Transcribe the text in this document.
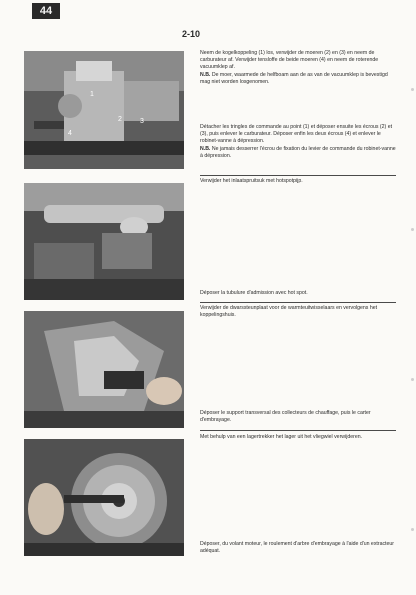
44
2-10
1
2	3
4

Neem de kogelkoppeling (1) los, verwijder de moeren (2) en (3) en neem de carburateur af. Verwijder tensloffe de beide moeren (4) en neem de roterende vacuumklep af.

N.B. De moer, waarmede de helfboam aan de as van de vacuumklep is bevestigd mag niet worden losgenomen.

Détacher les tringles de commande au point (1) et déposer ensuite les écrous (2) et (3), puis enlever le carburateur. Déposer enfin les deux écrous (4) et enlever le robinet-vanne à dépression.

N.B. Ne jamais desserrer l'écrou de fixation du levier de commande du robinet-vanne à dépression.

Verwijder het inlaatspruitsuk met hotspotpijp.

Déposer la tubulure d'admission avec hot spot.

Verwijder de dwarssteunplaat voor de warmteuitwisselaars en vervolgens het koppelingshuis.

Déposer le support transversal des collecteurs de chauffage, puis le carter d'embrayage.

Met behulp van een lagertrekker het lager uit het vliegwiel verwijderen.

Déposer, du volant moteur, le roulement d'arbre d'embrayage à l'aide d'un extracteur adéquat.
